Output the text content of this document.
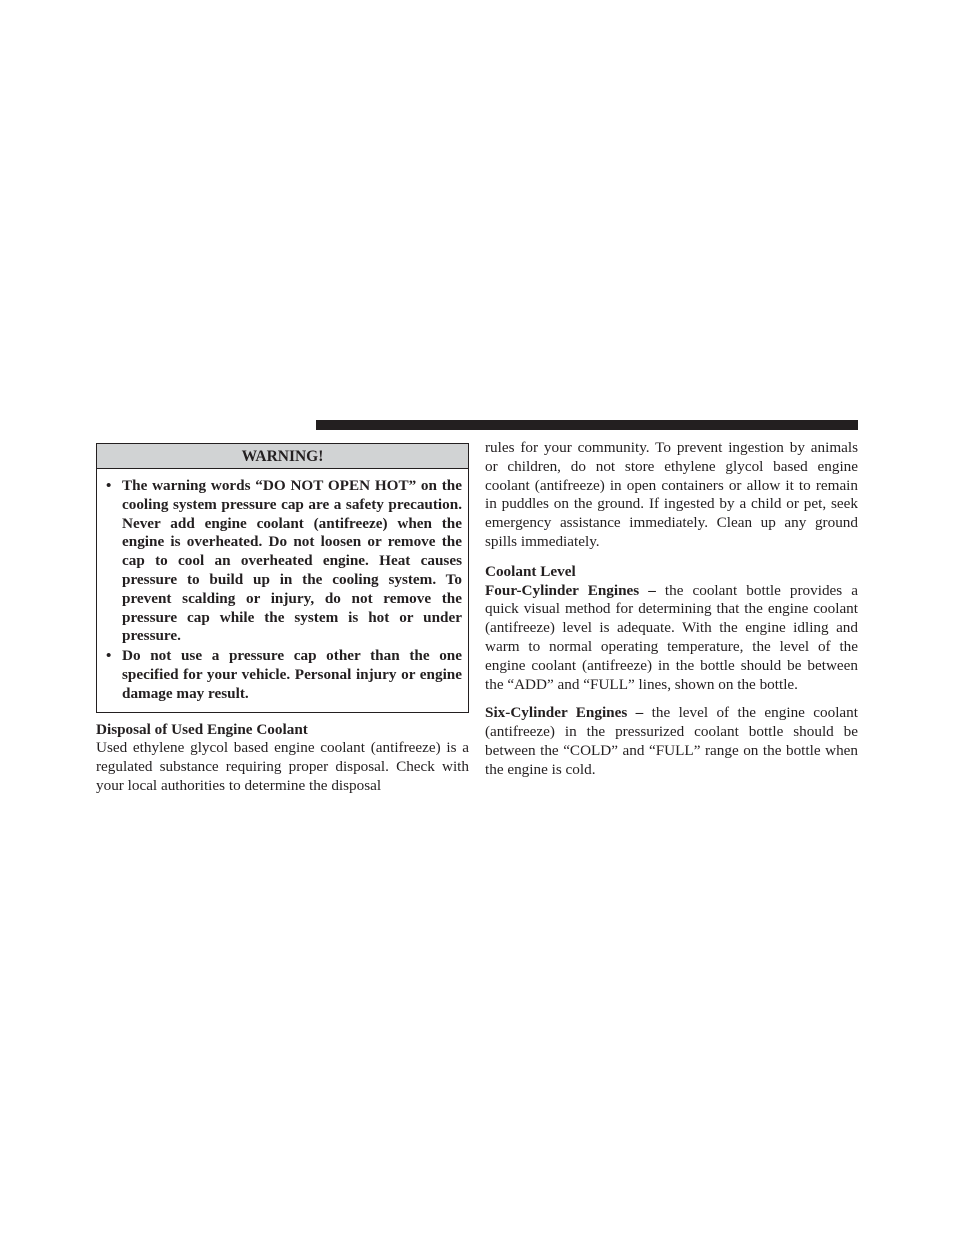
WARNING!
• The warning words “DO NOT OPEN HOT” on the cooling system pressure cap are a safety precaution. Never add engine coolant (antifreeze) when the engine is overheated. Do not loosen or remove the cap to cool an overheated engine. Heat causes pressure to build up in the cooling system. To prevent scalding or injury, do not remove the pressure cap while the system is hot or under pressure.
• Do not use a pressure cap other than the one specified for your vehicle. Personal injury or engine damage may result.
Disposal of Used Engine Coolant

Used ethylene glycol based engine coolant (antifreeze) is a regulated substance requiring proper disposal. Check with your local authorities to determine the disposal

rules for your community. To prevent ingestion by animals or children, do not store ethylene glycol based engine coolant (antifreeze) in open containers or allow it to remain in puddles on the ground. If ingested by a child or pet, seek emergency assistance immediately. Clean up any ground spills immediately.

Coolant Level

Four-Cylinder Engines – the coolant bottle provides a quick visual method for determining that the engine coolant (antifreeze) level is adequate. With the engine idling and warm to normal operating temperature, the level of the engine coolant (antifreeze) in the bottle should be between the “ADD” and “FULL” lines, shown on the bottle.

Six-Cylinder Engines – the level of the engine coolant (antifreeze) in the pressurized coolant bottle should be between the “COLD” and “FULL” range on the bottle when the engine is cold.
